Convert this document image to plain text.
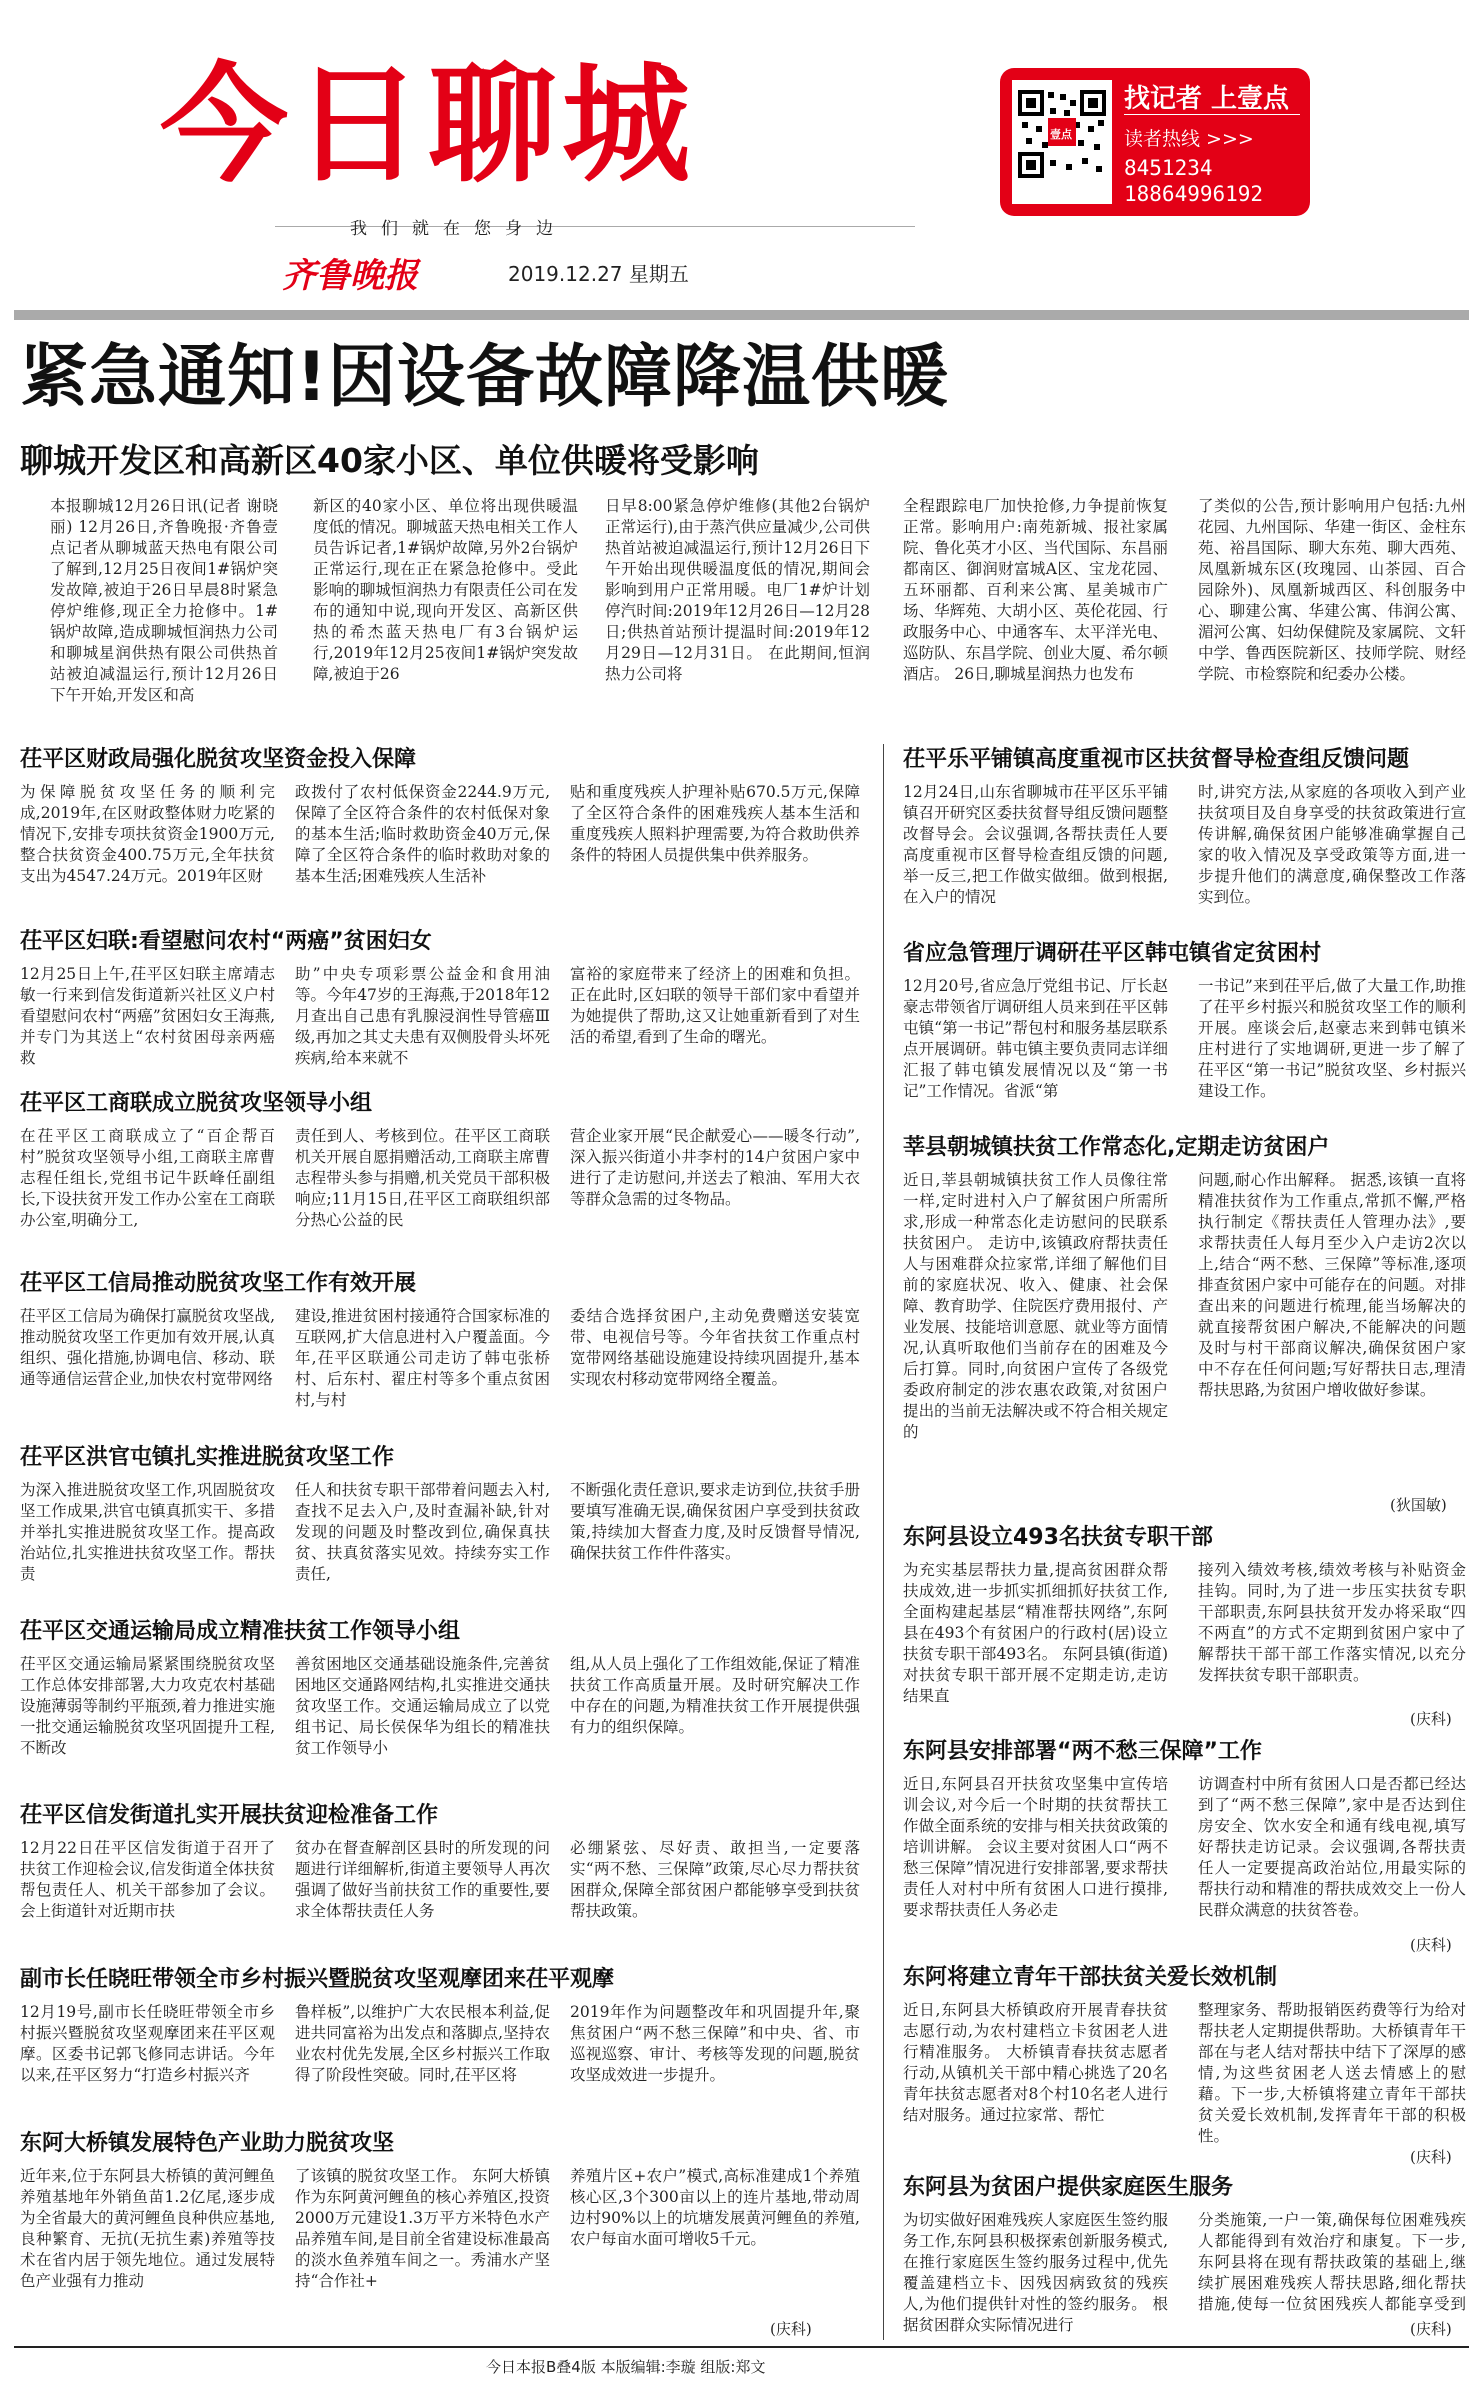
今日聊城
我们就在您身边
齐鲁晚报	2019.12.27 星期五
壹点
找记者 上壹点
读者热线 >>>
8451234
18864996192
紧急通知!因设备故障降温供暖
聊城开发区和高新区40家小区、单位供暖将受影响
本报聊城12月26日讯(记者 谢晓丽) 12月26日,齐鲁晚报·齐鲁壹点记者从聊城蓝天热电有限公司了解到,12月25日夜间1#锅炉突发故障,被迫于26日早晨8时紧急停炉维修,现正全力抢修中。1#锅炉故障,造成聊城恒润热力公司和聊城星润供热有限公司供热首站被迫减温运行,预计12月26日下午开始,开发区和高
新区的40家小区、单位将出现供暖温度低的情况。聊城蓝天热电相关工作人员告诉记者,1#锅炉故障,另外2台锅炉正常运行,现在正在紧急抢修中。受此影响的聊城恒润热力有限责任公司在发布的通知中说,现向开发区、高新区供热的希杰蓝天热电厂有3台锅炉运行,2019年12月25夜间1#锅炉突发故障,被迫于26
日早8:00紧急停炉维修(其他2台锅炉正常运行),由于蒸汽供应量减少,公司供热首站被迫减温运行,预计12月26日下午开始出现供暖温度低的情况,期间会影响到用户正常用暖。电厂1#炉计划停汽时间:2019年12月26日—12月28日;供热首站预计提温时间:2019年12月29日—12月31日。 在此期间,恒润热力公司将
全程跟踪电厂加快抢修,力争提前恢复正常。影响用户:南苑新城、报社家属院、鲁化英才小区、当代国际、东昌丽都南区、御润财富城A区、宝龙花园、五环丽都、百利来公寓、星美城市广场、华辉苑、大胡小区、英伦花园、行政服务中心、中通客车、太平洋光电、巡防队、东昌学院、创业大厦、希尔顿酒店。 26日,聊城星润热力也发布
了类似的公告,预计影响用户包括:九州花园、九州国际、华建一街区、金柱东苑、裕昌国际、聊大东苑、聊大西苑、凤凰新城东区(玫瑰园、山茶园、百合园除外)、凤凰新城西区、科创服务中心、聊建公寓、华建公寓、伟润公寓、湄河公寓、妇幼保健院及家属院、文轩中学、鲁西医院新区、技师学院、财经学院、市检察院和纪委办公楼。
茌平区财政局强化脱贫攻坚资金投入保障
为保障脱贫攻坚任务的顺利完成,2019年,在区财政整体财力吃紧的情况下,安排专项扶贫资金1900万元,整合扶贫资金400.75万元,全年扶贫支出为4547.24万元。2019年区财
政拨付了农村低保资金2244.9万元,保障了全区符合条件的农村低保对象的基本生活;临时救助资金40万元,保障了全区符合条件的临时救助对象的基本生活;困难残疾人生活补
贴和重度残疾人护理补贴670.5万元,保障了全区符合条件的困难残疾人基本生活和重度残疾人照料护理需要,为符合救助供养条件的特困人员提供集中供养服务。
茌平区妇联:看望慰问农村“两癌”贫困妇女
12月25日上午,茌平区妇联主席靖志敏一行来到信发街道新兴社区义户村看望慰问农村“两癌”贫困妇女王海燕,并专门为其送上“农村贫困母亲两癌救
助”中央专项彩票公益金和食用油等。今年47岁的王海燕,于2018年12月查出自己患有乳腺浸润性导管癌Ⅲ级,再加之其丈夫患有双侧股骨头坏死疾病,给本来就不
富裕的家庭带来了经济上的困难和负担。正在此时,区妇联的领导干部们家中看望并为她提供了帮助,这又让她重新看到了对生活的希望,看到了生命的曙光。
茌平区工商联成立脱贫攻坚领导小组
在茌平区工商联成立了“百企帮百村”脱贫攻坚领导小组,工商联主席曹志程任组长,党组书记牛跃峰任副组长,下设扶贫开发工作办公室在工商联办公室,明确分工,
责任到人、考核到位。茌平区工商联机关开展自愿捐赠活动,工商联主席曹志程带头参与捐赠,机关党员干部积极响应;11月15日,茌平区工商联组织部分热心公益的民
营企业家开展“民企献爱心——暖冬行动”,深入振兴街道小井李村的14户贫困户家中进行了走访慰问,并送去了粮油、军用大衣等群众急需的过冬物品。
茌平区工信局推动脱贫攻坚工作有效开展
茌平区工信局为确保打赢脱贫攻坚战,推动脱贫攻坚工作更加有效开展,认真组织、强化措施,协调电信、移动、联通等通信运营企业,加快农村宽带网络
建设,推进贫困村接通符合国家标准的互联网,扩大信息进村入户覆盖面。今年,茌平区联通公司走访了韩屯张桥村、后东村、翟庄村等多个重点贫困村,与村
委结合选择贫困户,主动免费赠送安装宽带、电视信号等。今年省扶贫工作重点村宽带网络基础设施建设持续巩固提升,基本实现农村移动宽带网络全覆盖。
茌平区洪官屯镇扎实推进脱贫攻坚工作
为深入推进脱贫攻坚工作,巩固脱贫攻坚工作成果,洪官屯镇真抓实干、多措并举扎实推进脱贫攻坚工作。提高政治站位,扎实推进扶贫攻坚工作。帮扶责
任人和扶贫专职干部带着问题去入村,查找不足去入户,及时查漏补缺,针对发现的问题及时整改到位,确保真扶贫、扶真贫落实见效。持续夯实工作责任,
不断强化责任意识,要求走访到位,扶贫手册要填写准确无误,确保贫困户享受到扶贫政策,持续加大督查力度,及时反馈督导情况,确保扶贫工作件件落实。
茌平区交通运输局成立精准扶贫工作领导小组
茌平区交通运输局紧紧围绕脱贫攻坚工作总体安排部署,大力攻克农村基础设施薄弱等制约平瓶颈,着力推进实施一批交通运输脱贫攻坚巩固提升工程,不断改
善贫困地区交通基础设施条件,完善贫困地区交通路网结构,扎实推进交通扶贫攻坚工作。交通运输局成立了以党组书记、局长侯保华为组长的精准扶贫工作领导小
组,从人员上强化了工作组效能,保证了精准扶贫工作高质量开展。及时研究解决工作中存在的问题,为精准扶贫工作开展提供强有力的组织保障。
茌平区信发街道扎实开展扶贫迎检准备工作
12月22日茌平区信发街道于召开了扶贫工作迎检会议,信发街道全体扶贫帮包责任人、机关干部参加了会议。会上街道针对近期市扶
贫办在督查解剖区县时的所发现的问题进行详细解析,街道主要领导人再次强调了做好当前扶贫工作的重要性,要求全体帮扶责任人务
必绷紧弦、尽好责、敢担当,一定要落实“两不愁、三保障”政策,尽心尽力帮扶贫困群众,保障全部贫困户都能够享受到扶贫帮扶政策。
副市长任晓旺带领全市乡村振兴暨脱贫攻坚观摩团来茌平观摩
12月19号,副市长任晓旺带领全市乡村振兴暨脱贫攻坚观摩团来茌平区观摩。区委书记郭飞修同志讲话。今年以来,茌平区努力“打造乡村振兴齐
鲁样板”,以维护广大农民根本利益,促进共同富裕为出发点和落脚点,坚持农业农村优先发展,全区乡村振兴工作取得了阶段性突破。同时,茌平区将
2019年作为问题整改年和巩固提升年,聚焦贫困户“两不愁三保障”和中央、省、市巡视巡察、审计、考核等发现的问题,脱贫攻坚成效进一步提升。
东阿大桥镇发展特色产业助力脱贫攻坚
近年来,位于东阿县大桥镇的黄河鲤鱼养殖基地年外销鱼苗1.2亿尾,逐步成为全省最大的黄河鲤鱼良种供应基地,良种繁育、无抗(无抗生素)养殖等技术在省内居于领先地位。通过发展特色产业强有力推动
了该镇的脱贫攻坚工作。 东阿大桥镇作为东阿黄河鲤鱼的核心养殖区,投资2000万元建设1.3万平方米特色水产品养殖车间,是目前全省建设标准最高的淡水鱼养殖车间之一。秀浦水产坚持“合作社+
养殖片区+农户”模式,高标准建成1个养殖核心区,3个300亩以上的连片基地,带动周边村90%以上的坑塘发展黄河鲤鱼的养殖,农户每亩水面可增收5千元。
(庆科)
茌平乐平铺镇高度重视市区扶贫督导检查组反馈问题
12月24日,山东省聊城市茌平区乐平铺镇召开研究区委扶贫督导组反馈问题整改督导会。会议强调,各帮扶责任人要高度重视市区督导检查组反馈的问题,举一反三,把工作做实做细。做到根据,在入户的情况
时,讲究方法,从家庭的各项收入到产业扶贫项目及自身享受的扶贫政策进行宣传讲解,确保贫困户能够准确掌握自己家的收入情况及享受政策等方面,进一步提升他们的满意度,确保整改工作落实到位。
省应急管理厅调研茌平区韩屯镇省定贫困村
12月20号,省应急厅党组书记、厅长赵豪志带领省厅调研组人员来到茌平区韩屯镇“第一书记”帮包村和服务基层联系点开展调研。韩屯镇主要负责同志详细汇报了韩屯镇发展情况以及“第一书记”工作情况。省派“第
一书记”来到茌平后,做了大量工作,助推了茌平乡村振兴和脱贫攻坚工作的顺利开展。座谈会后,赵豪志来到韩屯镇米庄村进行了实地调研,更进一步了解了茌平区“第一书记”脱贫攻坚、乡村振兴建设工作。
莘县朝城镇扶贫工作常态化,定期走访贫困户
近日,莘县朝城镇扶贫工作人员像往常一样,定时进村入户了解贫困户所需所求,形成一种常态化走访慰问的民联系扶贫困户。 走访中,该镇政府帮扶责任人与困难群众拉家常,详细了解他们目前的家庭状况、收入、健康、社会保障、教育助学、住院医疗费用报付、产业发展、技能培训意愿、就业等方面情况,认真听取他们当前存在的困难及今后打算。同时,向贫困户宣传了各级党委政府制定的涉农惠农政策,对贫困户提出的当前无法解决或不符合相关规定的
问题,耐心作出解释。 据悉,该镇一直将精准扶贫作为工作重点,常抓不懈,严格执行制定《帮扶责任人管理办法》,要求帮扶责任人每月至少入户走访2次以上,结合“两不愁、三保障”等标准,逐项排查贫困户家中可能存在的问题。对排查出来的问题进行梳理,能当场解决的就直接帮贫困户解决,不能解决的问题及时与村干部商议解决,确保贫困户家中不存在任何问题;写好帮扶日志,理清帮扶思路,为贫困户增收做好参谋。
(狄国敏)
东阿县设立493名扶贫专职干部
为充实基层帮扶力量,提高贫困群众帮扶成效,进一步抓实抓细抓好扶贫工作,全面构建起基层“精准帮扶网络”,东阿县在493个有贫困户的行政村(居)设立扶贫专职干部493名。 东阿县镇(街道)对扶贫专职干部开展不定期走访,走访结果直
接列入绩效考核,绩效考核与补贴资金挂钩。同时,为了进一步压实扶贫专职干部职责,东阿县扶贫开发办将采取“四不两直”的方式不定期到贫困户家中了解帮扶干部干部工作落实情况,以充分发挥扶贫专职干部职责。
(庆科)
东阿县安排部署“两不愁三保障”工作
近日,东阿县召开扶贫攻坚集中宣传培训会议,对今后一个时期的扶贫帮扶工作做全面系统的安排与相关扶贫政策的培训讲解。 会议主要对贫困人口“两不愁三保障”情况进行安排部署,要求帮扶责任人对村中所有贫困人口进行摸排,要求帮扶责任人务必走
访调查村中所有贫困人口是否都已经达到了“两不愁三保障”,家中是否达到住房安全、饮水安全和通有线电视,填写好帮扶走访记录。会议强调,各帮扶责任人一定要提高政治站位,用最实际的帮扶行动和精准的帮扶成效交上一份人民群众满意的扶贫答卷。
(庆科)
东阿将建立青年干部扶贫关爱长效机制
近日,东阿县大桥镇政府开展青春扶贫志愿行动,为农村建档立卡贫困老人进行精准服务。 大桥镇青春扶贫志愿者行动,从镇机关干部中精心挑选了20名青年扶贫志愿者对8个村10名老人进行结对服务。通过拉家常、帮忙
整理家务、帮助报销医药费等行为给对帮扶老人定期提供帮助。大桥镇青年干部在与老人结对帮扶中结下了深厚的感情,为这些贫困老人送去情感上的慰藉。下一步,大桥镇将建立青年干部扶贫关爱长效机制,发挥青年干部的积极性。
(庆科)
东阿县为贫困户提供家庭医生服务
为切实做好困难残疾人家庭医生签约服务工作,东阿县积极探索创新服务模式,在推行家庭医生签约服务过程中,优先覆盖建档立卡、因残因病致贫的残疾人,为他们提供针对性的签约服务。 根据贫困群众实际情况进行
分类施策,一户一策,确保每位困难残疾人都能得到有效治疗和康复。下一步,东阿县将在现有帮扶政策的基础上,继续扩展困难残疾人帮扶思路,细化帮扶措施,使每一位贫困残疾人都能享受到
(庆科)
今日本报B叠4版 本版编辑:李璇 组版:郑文
